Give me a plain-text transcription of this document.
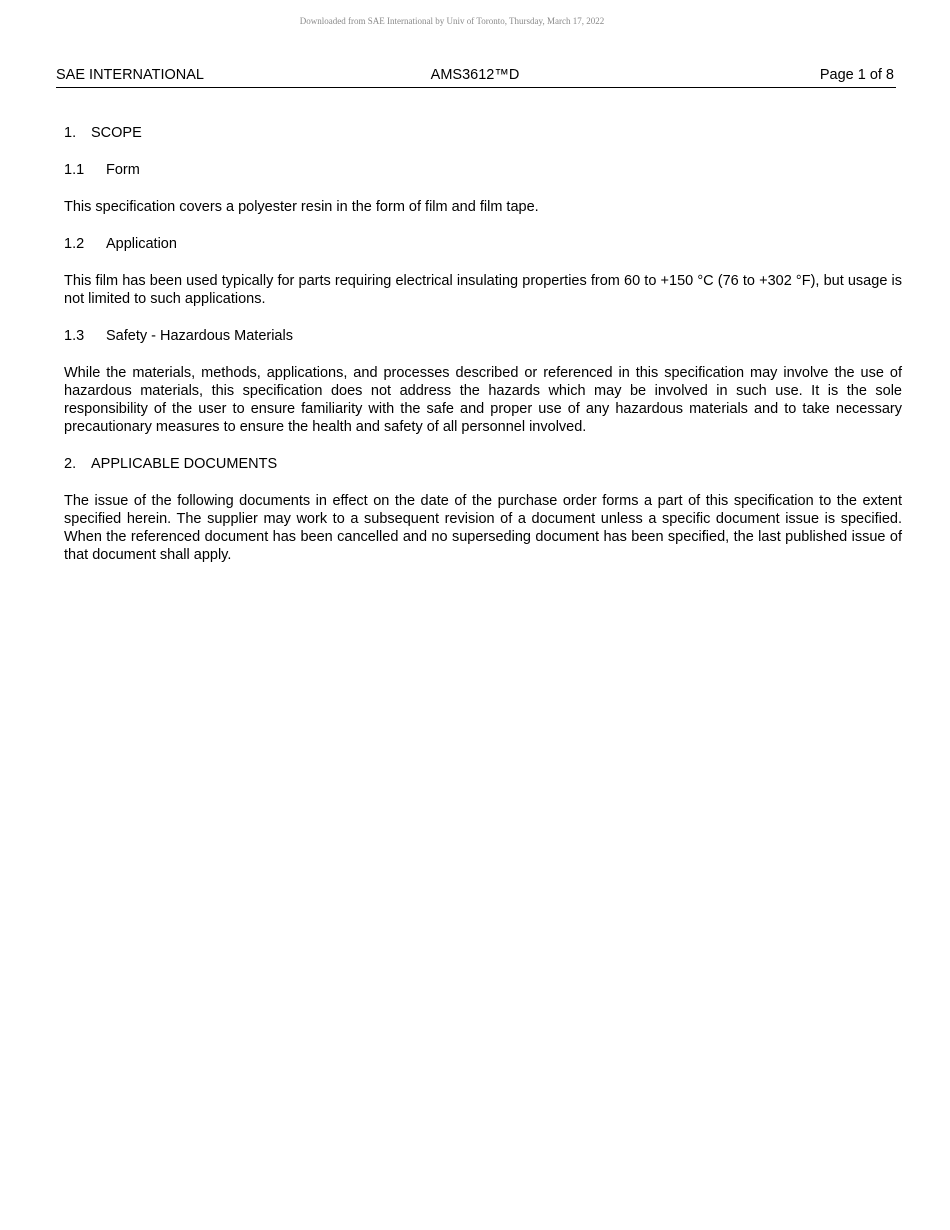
Downloaded from SAE International by Univ of Toronto, Thursday, March 17, 2022
SAE INTERNATIONAL	AMS3612™D	Page 1 of 8
1. SCOPE
1.1 Form

This specification covers a polyester resin in the form of film and film tape.

1.2 Application

This film has been used typically for parts requiring electrical insulating properties from 60 to +150 °C (76 to +302 °F), but usage is not limited to such applications.

1.3 Safety - Hazardous Materials

While the materials, methods, applications, and processes described or referenced in this specification may involve the use of hazardous materials, this specification does not address the hazards which may be involved in such use. It is the sole responsibility of the user to ensure familiarity with the safe and proper use of any hazardous materials and to take necessary precautionary measures to ensure the health and safety of all personnel involved.

2. APPLICABLE DOCUMENTS

The issue of the following documents in effect on the date of the purchase order forms a part of this specification to the extent specified herein. The supplier may work to a subsequent revision of a document unless a specific document issue is specified. When the referenced document has been cancelled and no superseding document has been specified, the last published issue of that document shall apply.
